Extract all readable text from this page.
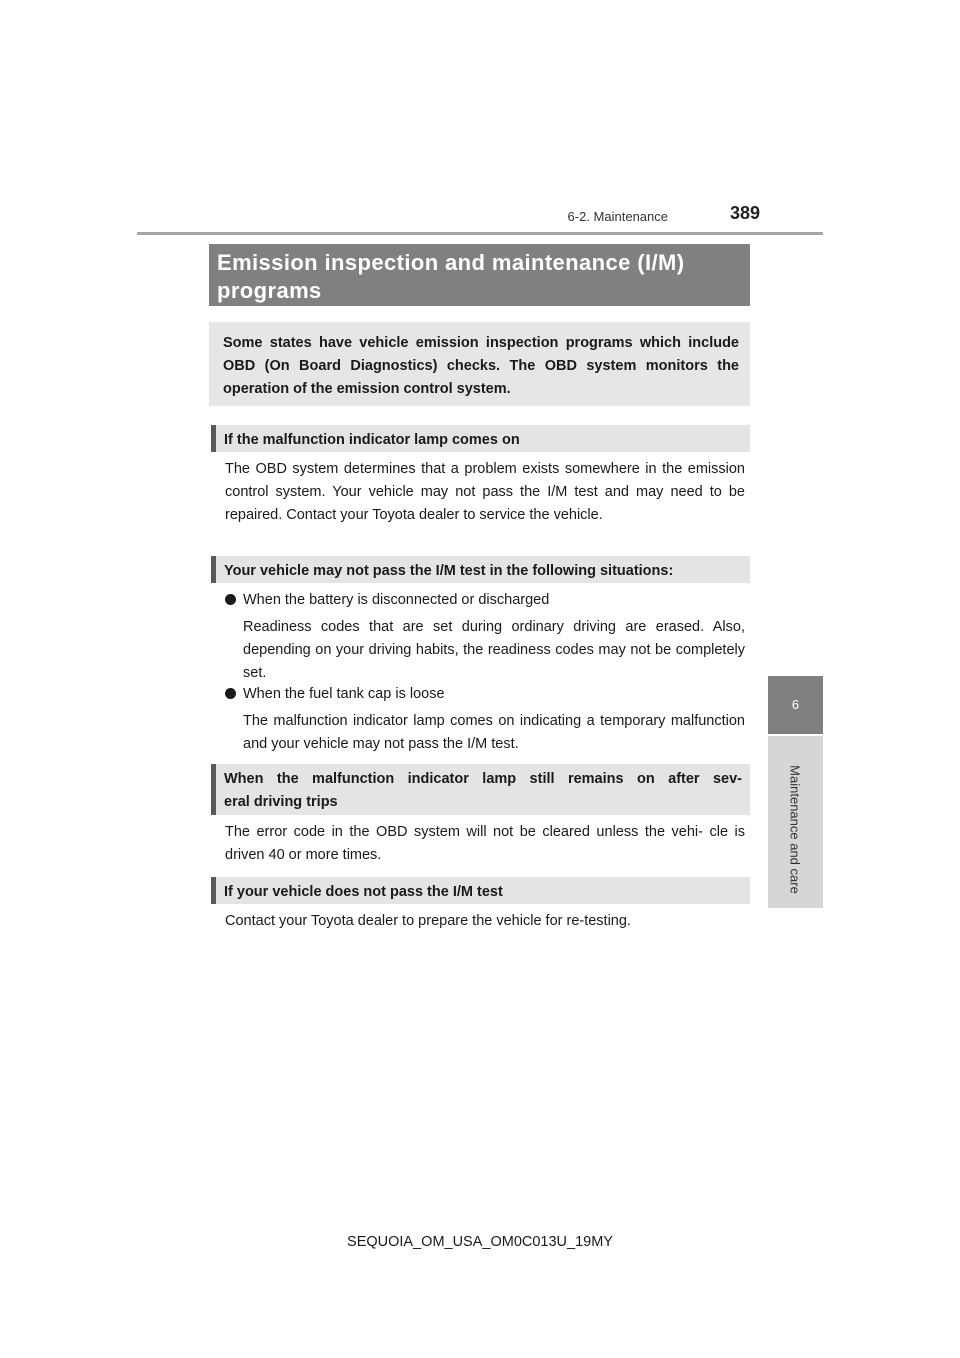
6-2. Maintenance	389
6
Maintenance and care
Emission inspection and maintenance (I/M)
programs
Some states have vehicle emission inspection programs which include OBD (On Board Diagnostics) checks. The OBD system monitors the operation of the emission control system.
If the malfunction indicator lamp comes on
The OBD system determines that a problem exists somewhere in the emission control system. Your vehicle may not pass the I/M test and may need to be repaired. Contact your Toyota dealer to service the vehicle.
Your vehicle may not pass the I/M test in the following situations:
When the battery is disconnected or discharged
Readiness codes that are set during ordinary driving are erased. Also, depending on your driving habits, the readiness codes may not be completely set.
When the fuel tank cap is loose
The malfunction indicator lamp comes on indicating a temporary malfunction and your vehicle may not pass the I/M test.
When the malfunction indicator lamp still remains on after sev-
eral driving trips
The error code in the OBD system will not be cleared unless the vehi- cle is driven 40 or more times.
If your vehicle does not pass the I/M test
Contact your Toyota dealer to prepare the vehicle for re-testing.
SEQUOIA_OM_USA_OM0C013U_19MY
